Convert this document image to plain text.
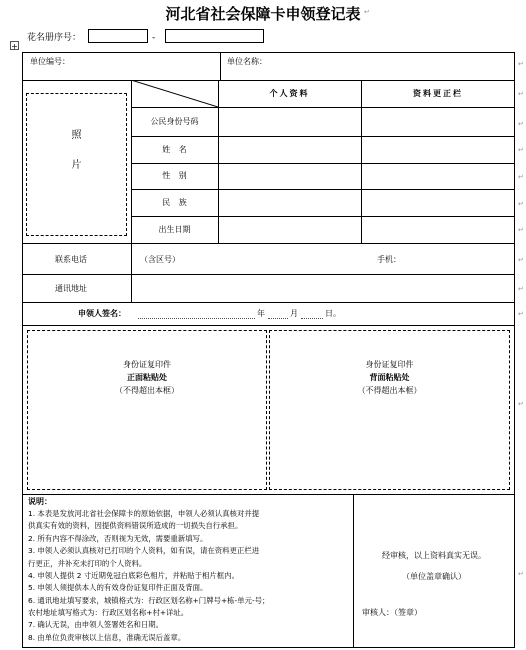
河北省社会保障卡申领登记表 ↵
花名册序号：	-
+
单位编号：	单位名称：
照
片
个人资料	资料更正栏
公民身份号码
姓 名
性 别
民 族
出生日期
联系电话	（含区号）	手机：
通讯地址
申领人签名：	年	月	日。
身份证复印件
正面粘贴处
（不得超出本框）
身份证复印件
背面粘贴处
（不得超出本框）
说明：
1. 本表是发放河北省社会保障卡的原始依据，申领人必须认真核对并提
供真实有效的资料，因提供资料错误所造成的一切损失自行承担。
2. 所有内容不得涂改，否则视为无效，需要重新填写。
3. 申领人必须认真核对已打印的个人资料，如有误，请在资料更正栏进
行更正，并补充未打印的个人资料。
4. 申领人提供 2 寸近期免冠白底彩色相片，并粘贴于相片框内。
5. 申领人须提供本人的有效身份证复印件正面及背面。
6. 通讯地址填写要求，城镇格式为：行政区划名称+门牌号+栋-单元-号；
农村地址填写格式为：行政区划名称+村+详址。
7. 确认无误，由申领人签署姓名和日期。
8. 由单位负责审核以上信息，准确无误后盖章。
经审核，以上资料真实无误。
（单位盖章确认）
审核人：（签章）
↵
↵
↵
↵
↵
↵
↵
↵
↵
↵
↵
↵
